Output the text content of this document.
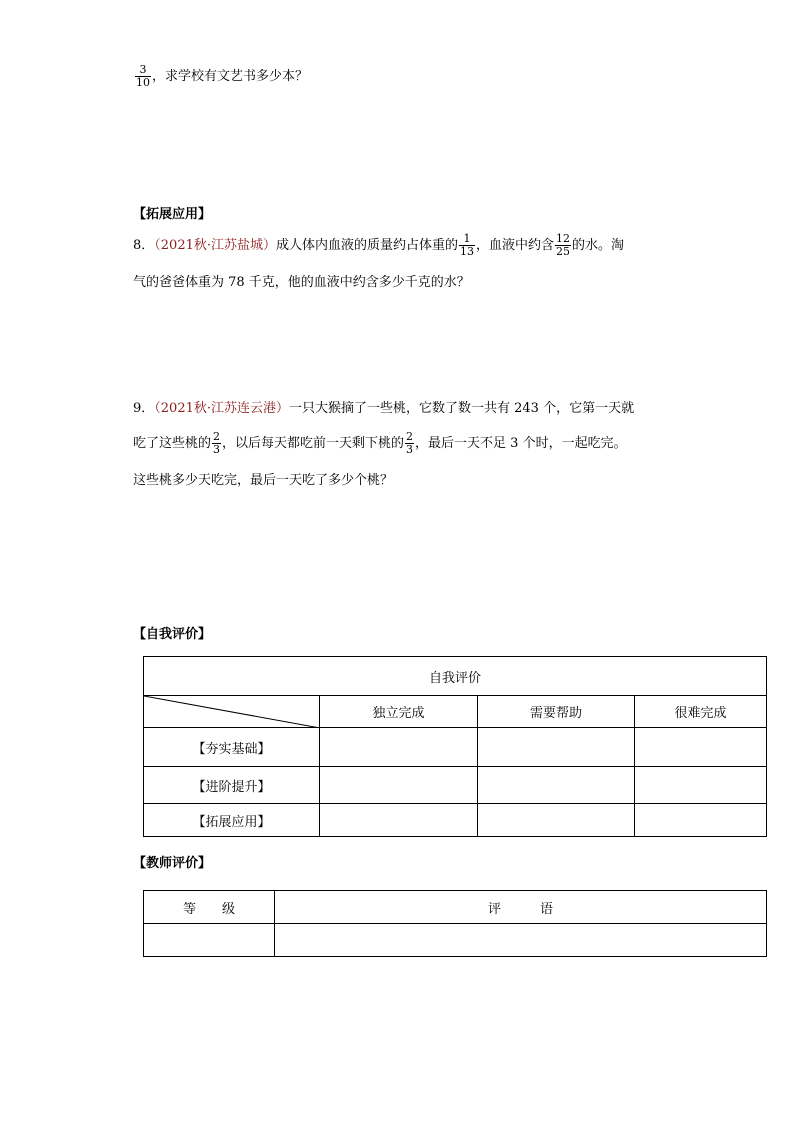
$\frac{3}{10}$ ，求学校有文艺书多少本？
【拓展应用】
8．（2021秋·江苏盐城）成人体内血液的质量约占体重的 $\frac{1}{13}$ ，血液中约含 $\frac{12}{25}$ 的水。淘
气的爸爸体重为 78 千克，他的血液中约含多少千克的水？
9．（2021秋·江苏连云港）一只大猴摘了一些桃，它数了数一共有 243 个，它第一天就
吃了这些桃的 $\frac{2}{3}$ ，以后每天都吃前一天剩下桃的 $\frac{2}{3}$ ，最后一天不足 3 个时，一起吃完。
这些桃多少天吃完，最后一天吃了多少个桃？
【自我评价】
自我评价			

	独立完成	需要帮助	很难完成
【夯实基础】			
【进阶提升】			
【拓展应用】			
【教师评价】
等　　级	评　　　语
